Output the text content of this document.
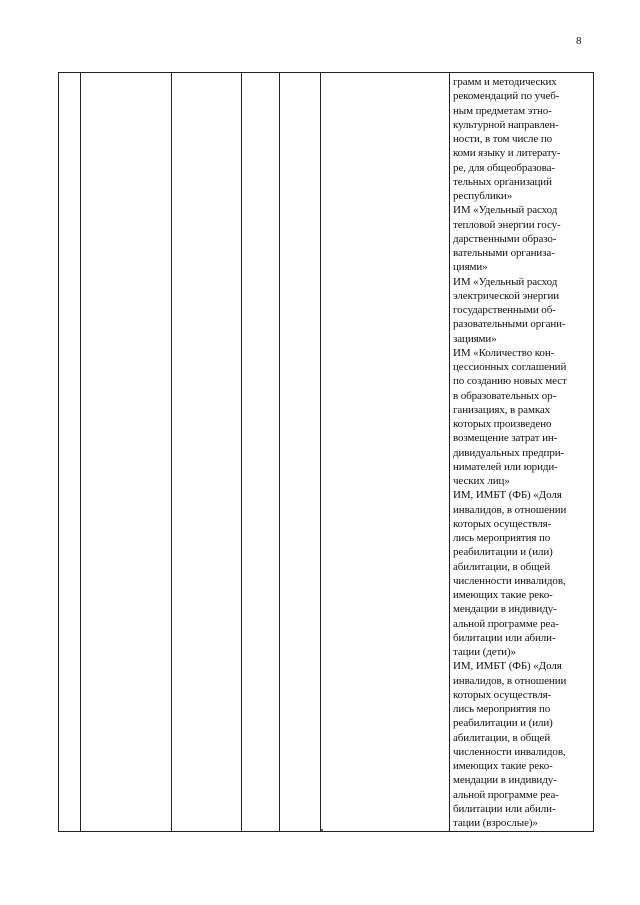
8

грамм и методических
рекомендаций по учеб-
ным предметам этно-
культурной направлен-
ности, в том числе по
коми языку и литерату-
ре, для общеобразова-
тельных организаций
республики»
ИМ «Удельный расход
тепловой энергии госу-
дарственными образо-
вательными организа-
циями»
ИМ «Удельный расход
электрической энергии
государственными об-
разовательными органи-
зациями»
ИМ «Количество кон-
цессионных соглашений
по созданию новых мест
в образовательных ор-
ганизациях, в рамках
которых произведено
возмещение затрат ин-
дивидуальных предпри-
нимателей или юриди-
ческих лиц»
ИМ, ИМБТ (ФБ) «Доля
инвалидов, в отношении
которых осуществля-
лись мероприятия по
реабилитации и (или)
абилитации, в общей
численности инвалидов,
имеющих такие реко-
мендации в индивиду-
альной программе реа-
билитации или абили-
тации (дети)»
ИМ, ИМБТ (ФБ) «Доля
инвалидов, в отношении
которых осуществля-
лись мероприятия по
реабилитации и (или)
абилитации, в общей
численности инвалидов,
имеющих такие реко-
мендации в индивиду-
альной программе реа-
билитации или абили-
тации (взрослые)»
